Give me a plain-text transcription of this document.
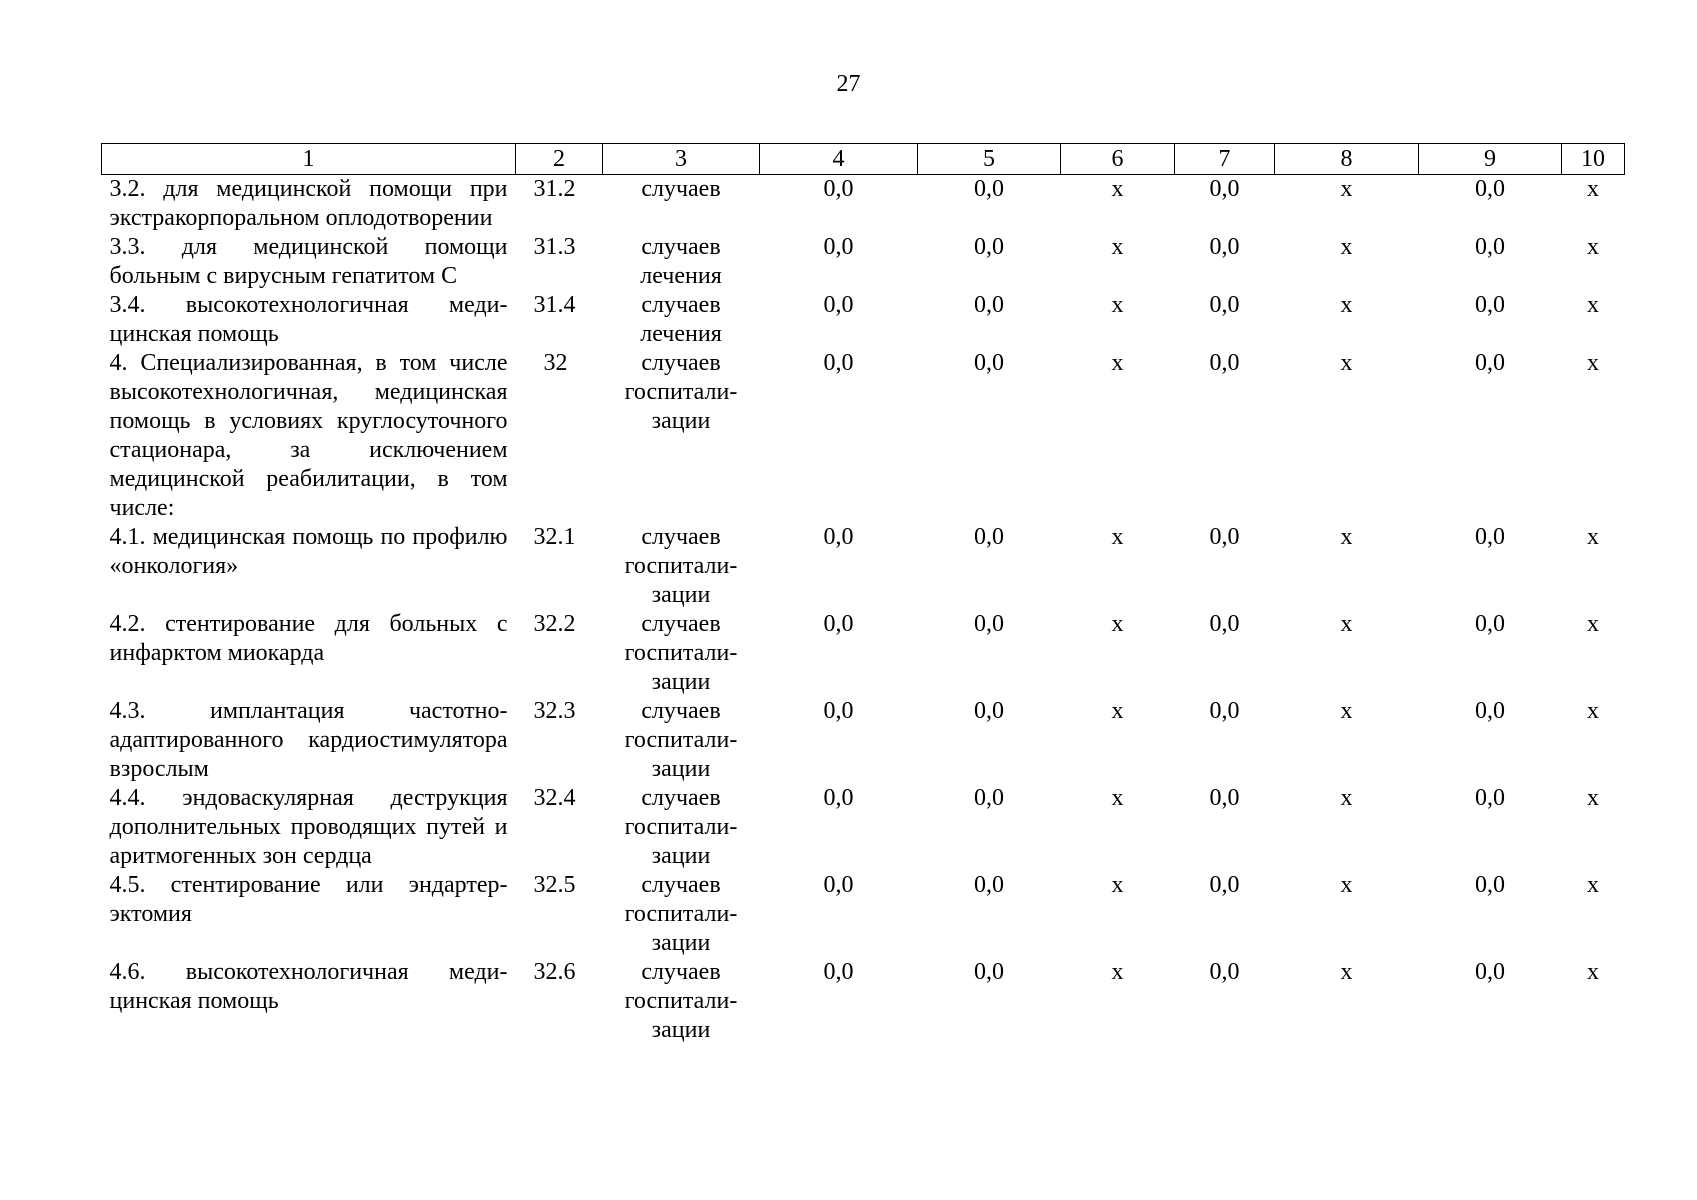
27
1	2	3	4	5	6	7	8	9	10
3.2. для медицинской помощи при экстракорпоральном оплодотворении	31.2	случаев	0,0	0,0	х	0,0	х	0,0	х
3.3. для медицинской помощи больным с вирусным гепатитом С	31.3	случаев лечения	0,0	0,0	х	0,0	х	0,0	х
3.4. высокотехнологичная медицинская помощь	31.4	случаев лечения	0,0	0,0	х	0,0	х	0,0	х
4. Специализированная, в том числе высокотехнологичная, медицинская помощь в условиях круглосуточного стационара, за исключением медицинской реабилитации, в том числе:	32	случаев госпитализации	0,0	0,0	х	0,0	х	0,0	х
4.1. медицинская помощь по профилю «онкология»	32.1	случаев госпитализации	0,0	0,0	х	0,0	х	0,0	х
4.2. стентирование для больных с инфарктом миокарда	32.2	случаев госпитализации	0,0	0,0	х	0,0	х	0,0	х
4.3. имплантация частотно-адаптированного кардиостимулятора взрослым	32.3	случаев госпитализации	0,0	0,0	х	0,0	х	0,0	х
4.4. эндоваскулярная деструкция дополнительных проводящих путей и аритмогенных зон сердца	32.4	случаев госпитализации	0,0	0,0	х	0,0	х	0,0	х
4.5. стентирование или эндартерэктомия	32.5	случаев госпитализации	0,0	0,0	х	0,0	х	0,0	х
4.6. высокотехнологичная медицинская помощь	32.6	случаев госпитализации	0,0	0,0	х	0,0	х	0,0	х
